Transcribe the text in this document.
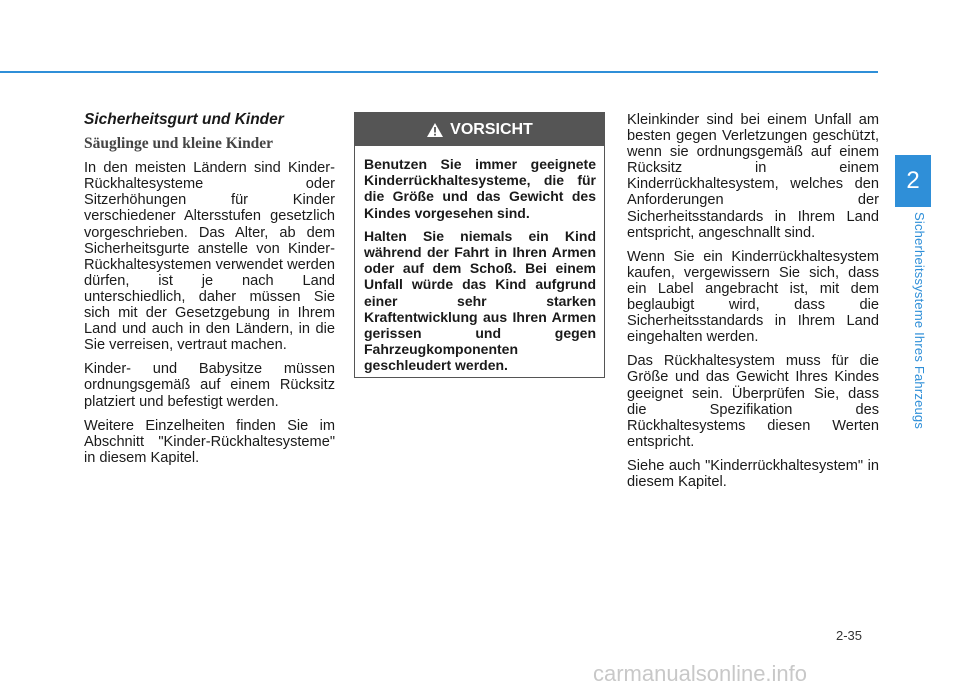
2
Sicherheitssysteme Ihres Fahrzeugs
Sicherheitsgurt und Kinder
Säuglinge und kleine Kinder

In den meisten Ländern sind Kinder-Rückhaltesysteme oder Sitzerhöhungen für Kinder verschiedener Altersstufen gesetzlich vorgeschrieben. Das Alter, ab dem Sicherheitsgurte anstelle von Kinder-Rückhaltesystemen verwendet werden dürfen, ist je nach Land unterschiedlich, daher müssen Sie sich mit der Gesetzgebung in Ihrem Land und auch in den Ländern, in die Sie verreisen, vertraut machen.

Kinder- und Babysitze müssen ordnungsgemäß auf einem Rücksitz platziert und befestigt werden.

Weitere Einzelheiten finden Sie im Abschnitt "Kinder-Rückhaltesysteme" in diesem Kapitel.

VORSICHT

Benutzen Sie immer geeignete Kinderrückhaltesysteme, die für die Größe und das Gewicht des Kindes vorgesehen sind.

Halten Sie niemals ein Kind während der Fahrt in Ihren Armen oder auf dem Schoß. Bei einem Unfall würde das Kind aufgrund einer sehr starken Kraftentwicklung aus Ihren Armen gerissen und gegen Fahrzeugkomponenten geschleudert werden.

Kleinkinder sind bei einem Unfall am besten gegen Verletzungen geschützt, wenn sie ordnungsgemäß auf einem Rücksitz in einem Kinderrückhaltesystem, welches den Anforderungen der Sicherheitsstandards in Ihrem Land entspricht, angeschnallt sind.

Wenn Sie ein Kinderrückhaltesystem kaufen, vergewissern Sie sich, dass ein Label angebracht ist, mit dem beglaubigt wird, dass die Sicherheitsstandards in Ihrem Land eingehalten werden.

Das Rückhaltesystem muss für die Größe und das Gewicht Ihres Kindes geeignet sein. Überprüfen Sie, dass die Spezifikation des Rückhaltesystems diesen Werten entspricht.

Siehe auch "Kinderrückhaltesystem" in diesem Kapitel.

2-35
carmanualsonline.info
